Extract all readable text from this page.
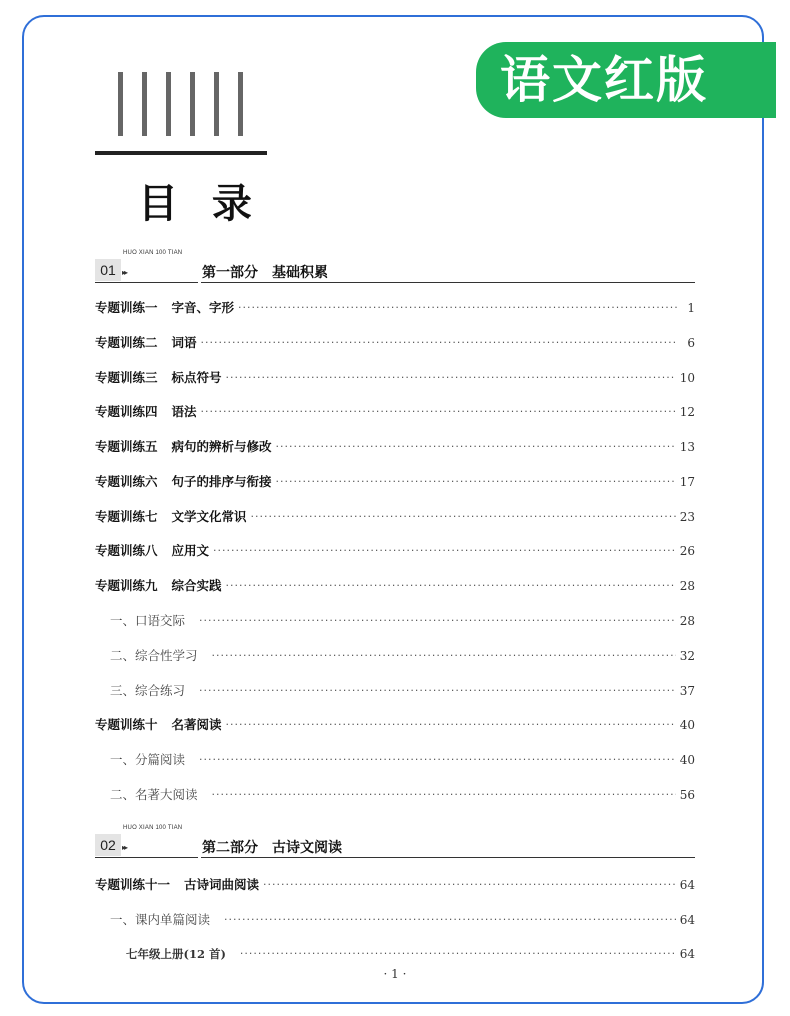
语文红版
目 录
01
HUO XIAN 100 TIAN
▸▸	第一部分　基础积累
专题训练一 字音、字形 ·····	1
专题训练二 词语 ·····	6
专题训练三 标点符号 ·····	10
专题训练四 语法 ·····	12
专题训练五 病句的辨析与修改 ·····	13
专题训练六 句子的排序与衔接 ·····	17
专题训练七 文学文化常识 ·····	23
专题训练八 应用文 ·····	26
专题训练九 综合实践 ·····	28
一、口语交际 ·····	28
二、综合性学习 ·····	32
三、综合练习 ·····	37
专题训练十 名著阅读 ·····	40
一、分篇阅读 ·····	40
二、名著大阅读 ·····	56
02
HUO XIAN 100 TIAN
▸▸	第二部分　古诗文阅读
专题训练十一 古诗词曲阅读 ·····	64
一、课内单篇阅读 ·····	64
七年级上册(12 首) ·····	64
· 1 ·
